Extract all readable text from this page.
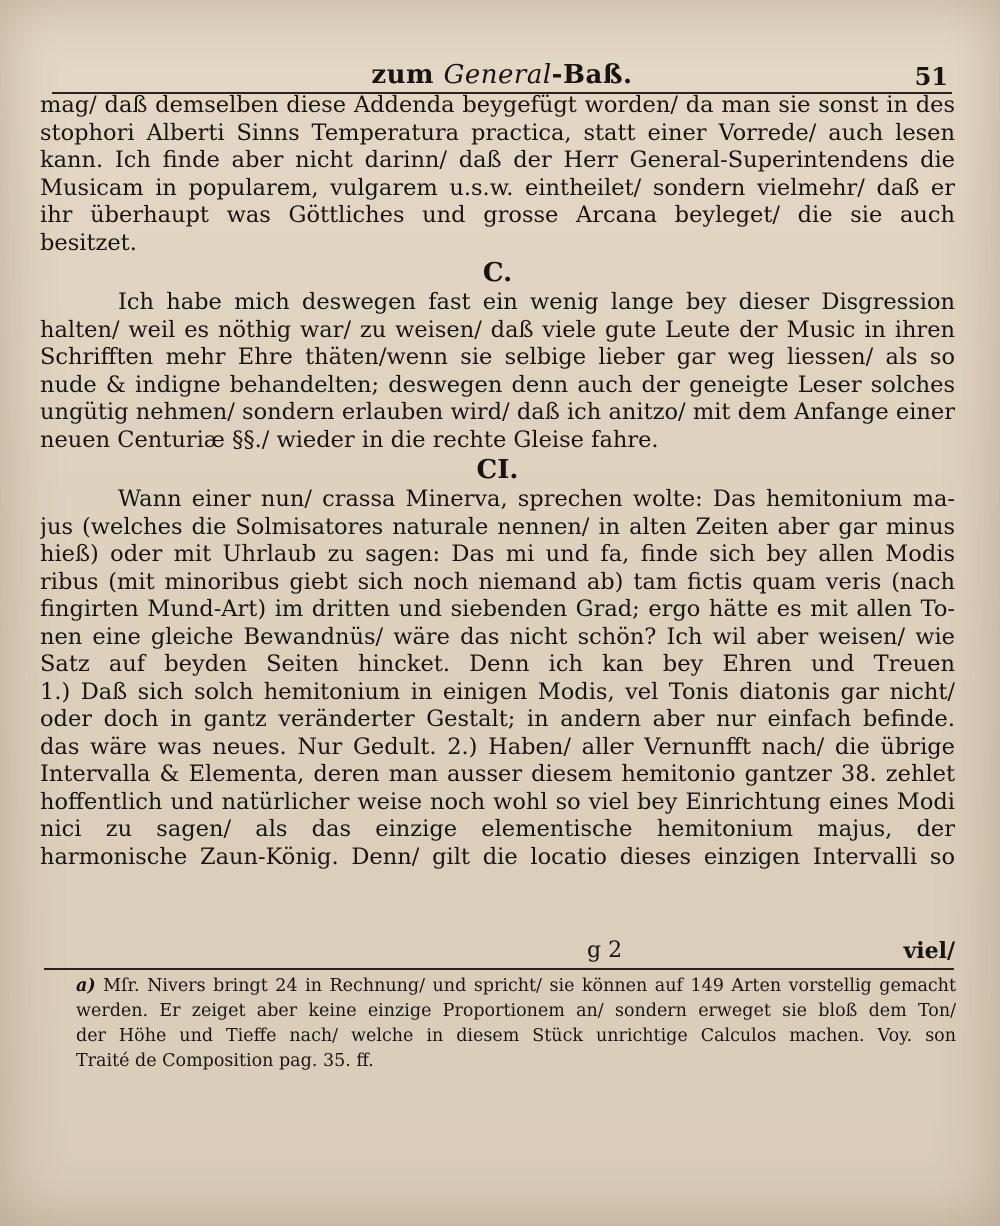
zum General-Baß.	51
mag/ daß demselben diese Addenda beygefügt worden/ da man sie sonst in des
stophori Alberti Sinns Temperatura practica, statt einer Vorrede/ auch lesen
kann. Ich finde aber nicht darinn/ daß der Herr General-Superintendens die
Musicam in popularem, vulgarem u.s.w. eintheilet/ sondern vielmehr/ daß er
ihr überhaupt was Göttliches und grosse Arcana beyleget/ die sie auch
besitzet.
C.
Ich habe mich deswegen fast ein wenig lange bey dieser Disgression
halten/ weil es nöthig war/ zu weisen/ daß viele gute Leute der Music in ihren
Schrifften mehr Ehre thäten/wenn sie selbige lieber gar weg liessen/ als so
nude & indigne behandelten; deswegen denn auch der geneigte Leser solches
ungütig nehmen/ sondern erlauben wird/ daß ich anitzo/ mit dem Anfange einer
neuen Centuriæ §§./ wieder in die rechte Gleise fahre.
CI.
Wann einer nun/ crassa Minerva, sprechen wolte: Das hemitonium ma-
jus (welches die Solmisatores naturale nennen/ in alten Zeiten aber gar minus
hieß) oder mit Uhrlaub zu sagen: Das mi und fa, finde sich bey allen Modis
ribus (mit minoribus giebt sich noch niemand ab) tam fictis quam veris (nach
fingirten Mund-Art) im dritten und siebenden Grad; ergo hätte es mit allen To-
nen eine gleiche Bewandnüs/ wäre das nicht schön? Ich wil aber weisen/ wie
Satz auf beyden Seiten hincket. Denn ich kan bey Ehren und Treuen
1.) Daß sich solch hemitonium in einigen Modis, vel Tonis diatonis gar nicht/
oder doch in gantz veränderter Gestalt; in andern aber nur einfach befinde.
das wäre was neues. Nur Gedult. 2.) Haben/ aller Vernunfft nach/ die übrige
Intervalla & Elementa, deren man ausser diesem hemitonio gantzer 38. zehlet
hoffentlich und natürlicher weise noch wohl so viel bey Einrichtung eines Modi
nici zu sagen/ als das einzige elementische hemitonium majus, der
harmonische Zaun-König. Denn/ gilt die locatio dieses einzigen Intervalli so
g 2	viel/
a) Mſr. Nivers bringt 24 in Rechnung/ und spricht/ sie können auf 149 Arten vorstellig gemacht
werden. Er zeiget aber keine einzige Proportionem an/ sondern erweget sie bloß dem Ton/
der Höhe und Tieffe nach/ welche in diesem Stück unrichtige Calculos machen. Voy. son
Traité de Composition pag. 35. ff.
